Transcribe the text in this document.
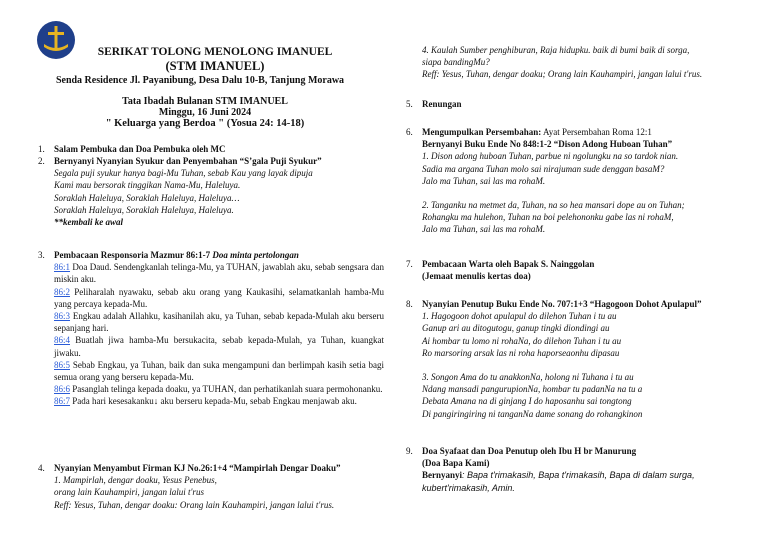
SERIKAT TOLONG MENOLONG IMANUEL
(STM IMANUEL)
Senda Residence Jl. Payanibung, Desa Dalu 10-B, Tanjung Morawa
Tata Ibadah Bulanan STM IMANUEL
Minggu, 16 Juni 2024
" Keluarga yang Berdoa " (Yosua 24: 14-18)
1.	Salam Pembuka dan Doa Pembuka oleh MC
2.	Bernyanyi Nyanyian Syukur dan Penyembahan “S’gala Puji Syukur”
Segala puji syukur hanya bagi-Mu Tuhan, sebab Kau yang layak dipuja
Kami mau bersorak tinggikan Nama-Mu, Haleluya.
Soraklah Haleluya, Soraklah Haleluya, Haleluya…
Soraklah Haleluya, Soraklah Haleluya, Haleluya.
**kembali ke awal
3.	Pembacaan Responsoria Mazmur 86:1-7 Doa minta pertolongan
86:1 Doa Daud. Sendengkanlah telinga-Mu, ya TUHAN, jawablah aku, sebab sengsara dan miskin aku.
86:2 Peliharalah nyawaku, sebab aku orang yang Kaukasihi, selamatkanlah hamba-Mu yang percaya kepada-Mu.
86:3 Engkau adalah Allahku, kasihanilah aku, ya Tuhan, sebab kepada-Mulah aku berseru sepanjang hari.
86:4 Buatlah jiwa hamba-Mu bersukacita, sebab kepada-Mulah, ya Tuhan, kuangkat jiwaku.
86:5 Sebab Engkau, ya Tuhan, baik dan suka mengampuni dan berlimpah kasih setia bagi semua orang yang berseru kepada-Mu.
86:6 Pasanglah telinga kepada doaku, ya TUHAN, dan perhatikanlah suara permohonanku.
86:7 Pada hari kesesakanku↓ aku berseru kepada-Mu, sebab Engkau menjawab aku.
4.	Nyanyian Menyambut Firman KJ No.26:1+4 “Mampirlah Dengar Doaku”
1. Mampirlah, dengar doaku, Yesus Penebus,
orang lain Kauhampiri, jangan lalui t'rus
Reff: Yesus, Tuhan, dengar doaku: Orang lain Kauhampiri, jangan lalui t'rus.
4. Kaulah Sumber penghiburan, Raja hidupku. baik di bumi baik di sorga,
siapa bandingMu?
Reff: Yesus, Tuhan, dengar doaku; Orang lain Kauhampiri, jangan lalui t'rus.
5.	Renungan
6.	Mengumpulkan Persembahan: Ayat Persembahan Roma 12:1
Bernyanyi Buku Ende No 848:1-2 “Dison Adong Huboan Tuhan”
1. Dison adong huboan Tuhan, parbue ni ngolungku na so tardok nian.
Sadia ma argana Tuhan molo sai nirajuman sude denggan basaM?
Jalo ma Tuhan, sai las ma rohaM.
2. Tanganku na metmet da, Tuhan, na so hea mansari dope au on Tuhan;
Rohangku ma hulehon, Tuhan na boi pelehononku gabe las ni rohaM,
Jalo ma Tuhan, sai las ma rohaM.
7.	Pembacaan Warta oleh Bapak S. Nainggolan
(Jemaat menulis kertas doa)
8.	Nyanyian Penutup Buku Ende No. 707:1+3 “Hagogoon Dohot Apulapul”
1. Hagogoon dohot apulapul do dilehon Tuhan i tu au
Ganup ari au ditogutogu, ganup tingki diondingi au
Ai hombar tu lomo ni rohaNa, do dilehon Tuhan i tu au
Ro marsoring arsak las ni roha haporseaonhu dipasau
3. Songon Ama do tu anakkonNa, holong ni Tuhana i tu au
Ndang mansadi pangurupionNa, hombar tu padanNa na tu a
Debata Amana na di ginjang I do haposanhu sai tongtong
Di pangiringiring ni tanganNa dame sonang do rohangkinon
9.	Doa Syafaat dan Doa Penutup oleh Ibu H br Manurung
(Doa Bapa Kami)
Bernyanyi: Bapa t'rimakasih, Bapa t'rimakasih, Bapa di dalam surga,
kubert'rimakasih, Amin.
